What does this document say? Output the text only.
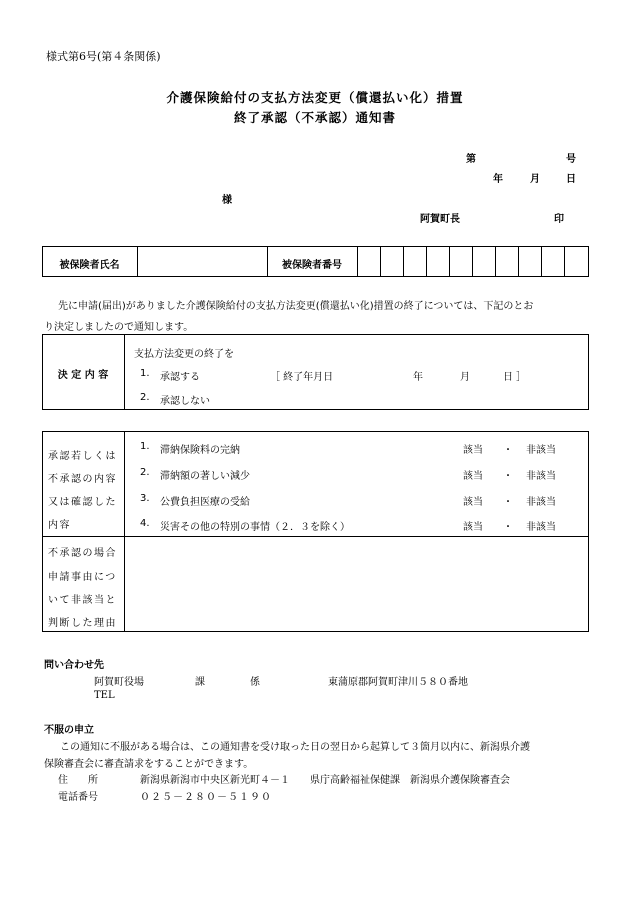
様式第6号(第４条関係)
介護保険給付の支払方法変更（償還払い化）措置
終了承認（不承認）通知書
第	号
年	月	日
様
阿賀町長	印
被保険者氏名	被保険者番号
先に申請(届出)がありました介護保険給付の支払方法変更(償還払い化)措置の終了については、下記のとお
り決定しましたので通知します。
決 定 内 容
支払方法変更の終了を
1. 承認する	［ 終了年月日	年	月	日 ］
2. 承認しない
承認若しくは
不承認の内容
又は確認した
内容
1. 滞納保険料の完納	該当 ・ 非該当
2. 滞納額の著しい減少	該当 ・ 非該当
3. 公費負担医療の受給	該当 ・ 非該当
4. 災害その他の特別の事情（２．３を除く）	該当 ・ 非該当
不承認の場合
申請事由につ
いて非該当と
判断した理由
問い合わせ先
阿賀町役場	課	係	東蒲原郡阿賀町津川５８０番地
TEL
不服の申立
この通知に不服がある場合は、この通知書を受け取った日の翌日から起算して３箇月以内に、新潟県介護
保険審査会に審査請求をすることができます。
住　　所	新潟県新潟市中央区新光町４－１　　県庁高齢福祉保健課　新潟県介護保険審査会
電話番号	０２５－２８０－５１９０
